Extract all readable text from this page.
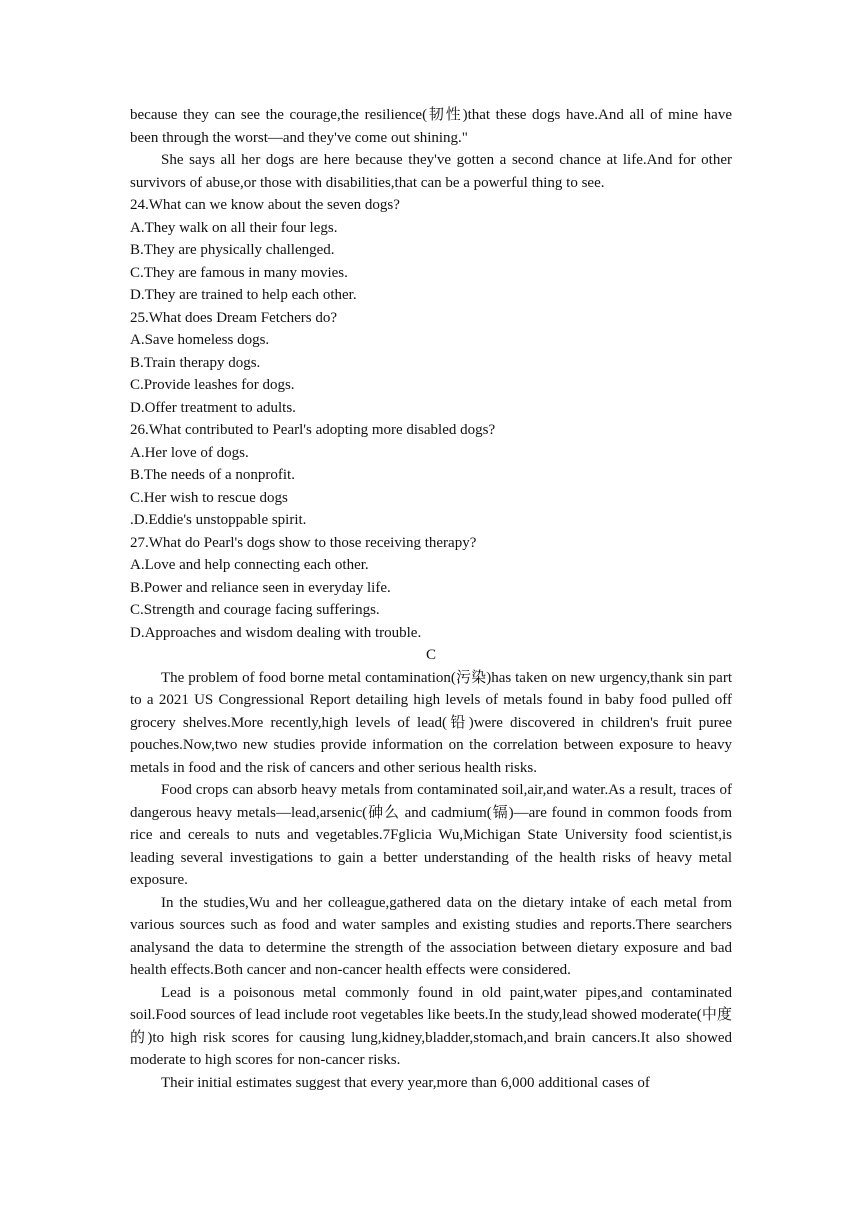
because they can see the courage,the resilience(韧性)that these dogs have.And all of mine have been through the worst—and they've come out shining."

She says all her dogs are here because they've gotten a second chance at life.And for other survivors of abuse,or those with disabilities,that can be a powerful thing to see.

24.What can we know about the seven dogs?

A.They walk on all their four legs.

B.They are physically challenged.

C.They are famous in many movies.

D.They are trained to help each other.

25.What does Dream Fetchers do?

A.Save homeless dogs.

B.Train therapy dogs.

C.Provide leashes for dogs.

D.Offer treatment to adults.

26.What contributed to Pearl's adopting more disabled dogs?

A.Her love of dogs.

B.The needs of a nonprofit.

C.Her wish to rescue dogs

.D.Eddie's unstoppable spirit.

27.What do Pearl's dogs show to those receiving therapy?

A.Love and help connecting each other.

B.Power and reliance seen in everyday life.

C.Strength and courage facing sufferings.

D.Approaches and wisdom dealing with trouble.

C

The problem of food borne metal contamination(污染)has taken on new urgency,thank sin part to a 2021 US Congressional Report detailing high levels of metals found in baby food pulled off grocery shelves.More recently,high levels of lead(铅)were discovered in children's fruit puree pouches.Now,two new studies provide information on the correlation between exposure to heavy metals in food and the risk of cancers and other serious health risks.

Food crops can absorb heavy metals from contaminated soil,air,and water.As a result, traces of dangerous heavy metals—lead,arsenic(砷么 and cadmium(镉)—are found in common foods from rice and cereals to nuts and vegetables.7Fglicia Wu,Michigan State University food scientist,is leading several investigations to gain a better understanding of the health risks of heavy metal exposure.

In the studies,Wu and her colleague,gathered data on the dietary intake of each metal from various sources such as food and water samples and existing studies and reports.There searchers analysand the data to determine the strength of the association between dietary exposure and bad health effects.Both cancer and non-cancer health effects were considered.

Lead is a poisonous metal commonly found in old paint,water pipes,and contaminated soil.Food sources of lead include root vegetables like beets.In the study,lead showed moderate(中度的)to high risk scores for causing lung,kidney,bladder,stomach,and brain cancers.It also showed moderate to high scores for non-cancer risks.

Their initial estimates suggest that every year,more than 6,000 additional cases of
